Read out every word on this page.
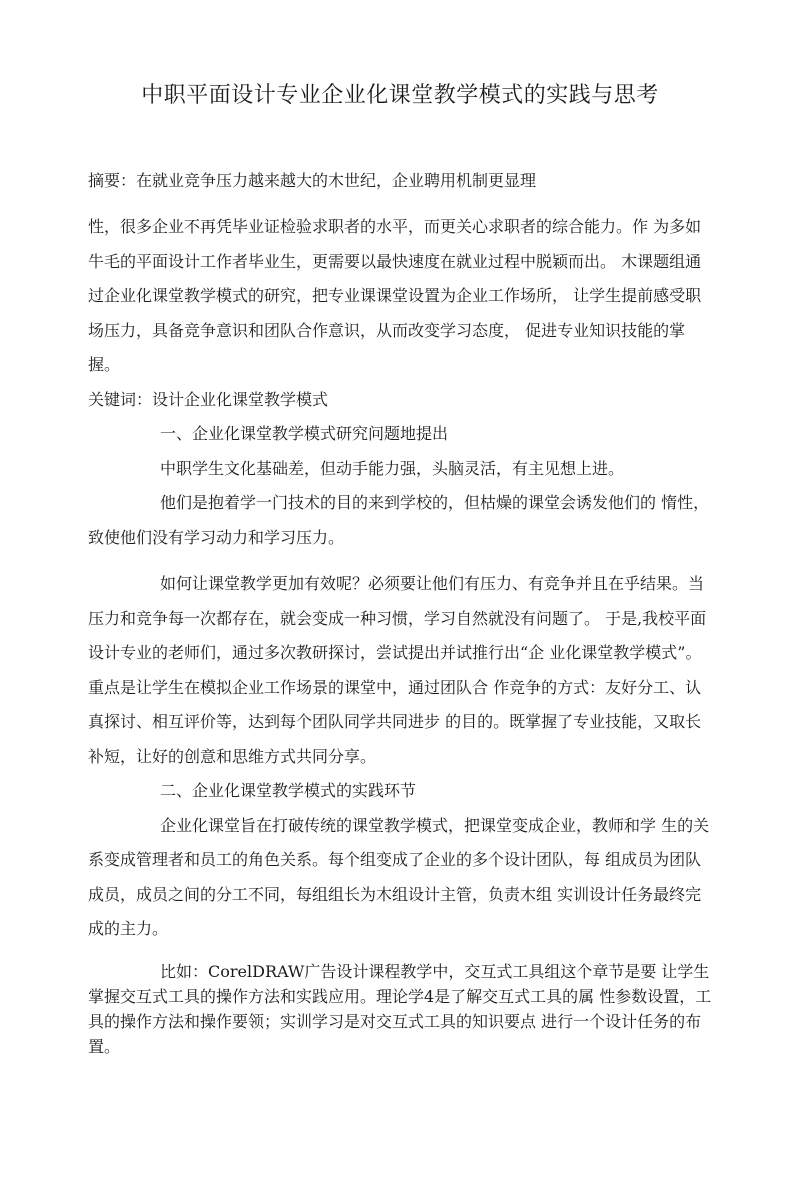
中职平面设计专业企业化课堂教学模式的实践与思考

摘要：在就业竞争压力越来越大的木世纪，企业聘用机制更显理

性，很多企业不再凭毕业证检验求职者的水平，而更关心求职者的综合能力。作 为多如牛毛的平面设计工作者毕业生，更需要以最快速度在就业过程中脱颖而出。 木课题组通过企业化课堂教学模式的研究，把专业课课堂设置为企业工作场所， 让学生提前感受职场压力，具备竞争意识和团队合作意识，从而改变学习态度， 促进专业知识技能的掌握。

关键词：设计企业化课堂教学模式

一、企业化课堂教学模式研究问题地提出

中职学生文化基础差，但动手能力强，头脑灵活，有主见想上进。

他们是抱着学一门技术的目的来到学校的，但枯燥的课堂会诱发他们的 惰性，致使他们没有学习动力和学习压力。

如何让课堂教学更加有效呢？必须要让他们有压力、有竞争并且在乎结果。当压力和竞争每一次都存在，就会变成一种习惯，学习自然就没有问题了。 于是,我校平面设计专业的老师们，通过多次教研探讨，尝试提出并试推行出“企 业化课堂教学模式”。重点是让学生在模拟企业工作场景的课堂中，通过团队合 作竞争的方式：友好分工、认真探讨、相互评价等，达到每个团队同学共同进步 的目的。既掌握了专业技能，又取长补短，让好的创意和思维方式共同分享。

二、企业化课堂教学模式的实践环节

企业化课堂旨在打破传统的课堂教学模式，把课堂变成企业，教师和学 生的关系变成管理者和员工的角色关系。每个组变成了企业的多个设计团队，每 组成员为团队成员，成员之间的分工不同，每组组长为木组设计主管，负责木组 实训设计任务最终完成的主力。

比如：CorelDRAW广告设计课程教学中，交互式工具组这个章节是要 让学生掌握交互式工具的操作方法和实践应用。理论学4是了解交互式工具的属 性参数设置，工具的操作方法和操作要领；实训学习是对交互式工具的知识要点 进行一个设计任务的布置。
